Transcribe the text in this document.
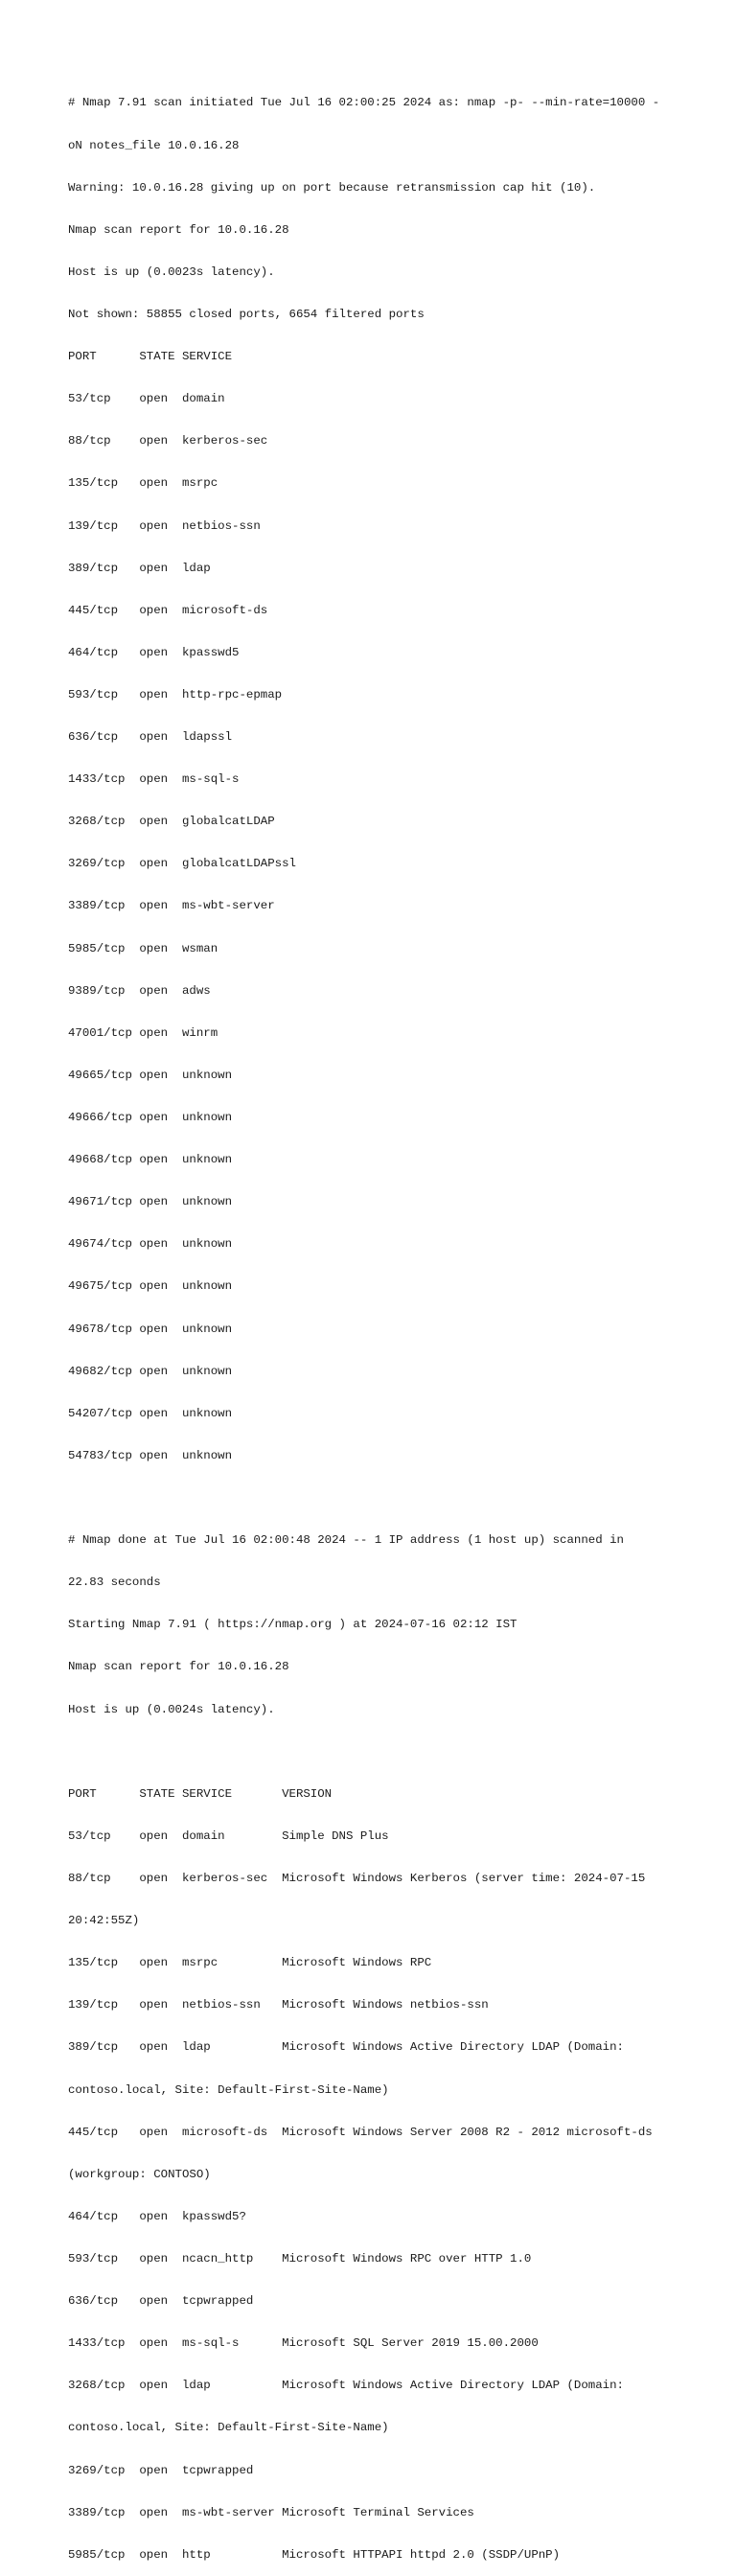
# Nmap 7.91 scan initiated Tue Jul 16 02:00:25 2024 as: nmap -p- --min-rate=10000 -

oN notes_file 10.0.16.28

Warning: 10.0.16.28 giving up on port because retransmission cap hit (10).

Nmap scan report for 10.0.16.28

Host is up (0.0023s latency).

Not shown: 58855 closed ports, 6654 filtered ports

PORT      STATE SERVICE

53/tcp    open  domain

88/tcp    open  kerberos-sec

135/tcp   open  msrpc

139/tcp   open  netbios-ssn

389/tcp   open  ldap

445/tcp   open  microsoft-ds

464/tcp   open  kpasswd5

593/tcp   open  http-rpc-epmap

636/tcp   open  ldapssl

1433/tcp  open  ms-sql-s

3268/tcp  open  globalcatLDAP

3269/tcp  open  globalcatLDAPssl

3389/tcp  open  ms-wbt-server

5985/tcp  open  wsman

9389/tcp  open  adws

47001/tcp open  winrm

49665/tcp open  unknown

49666/tcp open  unknown

49668/tcp open  unknown

49671/tcp open  unknown

49674/tcp open  unknown

49675/tcp open  unknown

49678/tcp open  unknown

49682/tcp open  unknown

54207/tcp open  unknown

54783/tcp open  unknown

# Nmap done at Tue Jul 16 02:00:48 2024 -- 1 IP address (1 host up) scanned in

22.83 seconds

Starting Nmap 7.91 ( https://nmap.org ) at 2024-07-16 02:12 IST

Nmap scan report for 10.0.16.28

Host is up (0.0024s latency).

PORT      STATE SERVICE       VERSION

53/tcp    open  domain        Simple DNS Plus

88/tcp    open  kerberos-sec  Microsoft Windows Kerberos (server time: 2024-07-15

20:42:55Z)

135/tcp   open  msrpc         Microsoft Windows RPC

139/tcp   open  netbios-ssn   Microsoft Windows netbios-ssn

389/tcp   open  ldap          Microsoft Windows Active Directory LDAP (Domain:

contoso.local, Site: Default-First-Site-Name)

445/tcp   open  microsoft-ds  Microsoft Windows Server 2008 R2 - 2012 microsoft-ds

(workgroup: CONTOSO)

464/tcp   open  kpasswd5?

593/tcp   open  ncacn_http    Microsoft Windows RPC over HTTP 1.0

636/tcp   open  tcpwrapped

1433/tcp  open  ms-sql-s      Microsoft SQL Server 2019 15.00.2000

3268/tcp  open  ldap          Microsoft Windows Active Directory LDAP (Domain:

contoso.local, Site: Default-First-Site-Name)

3269/tcp  open  tcpwrapped

3389/tcp  open  ms-wbt-server Microsoft Terminal Services

5985/tcp  open  http          Microsoft HTTPAPI httpd 2.0 (SSDP/UPnP)
